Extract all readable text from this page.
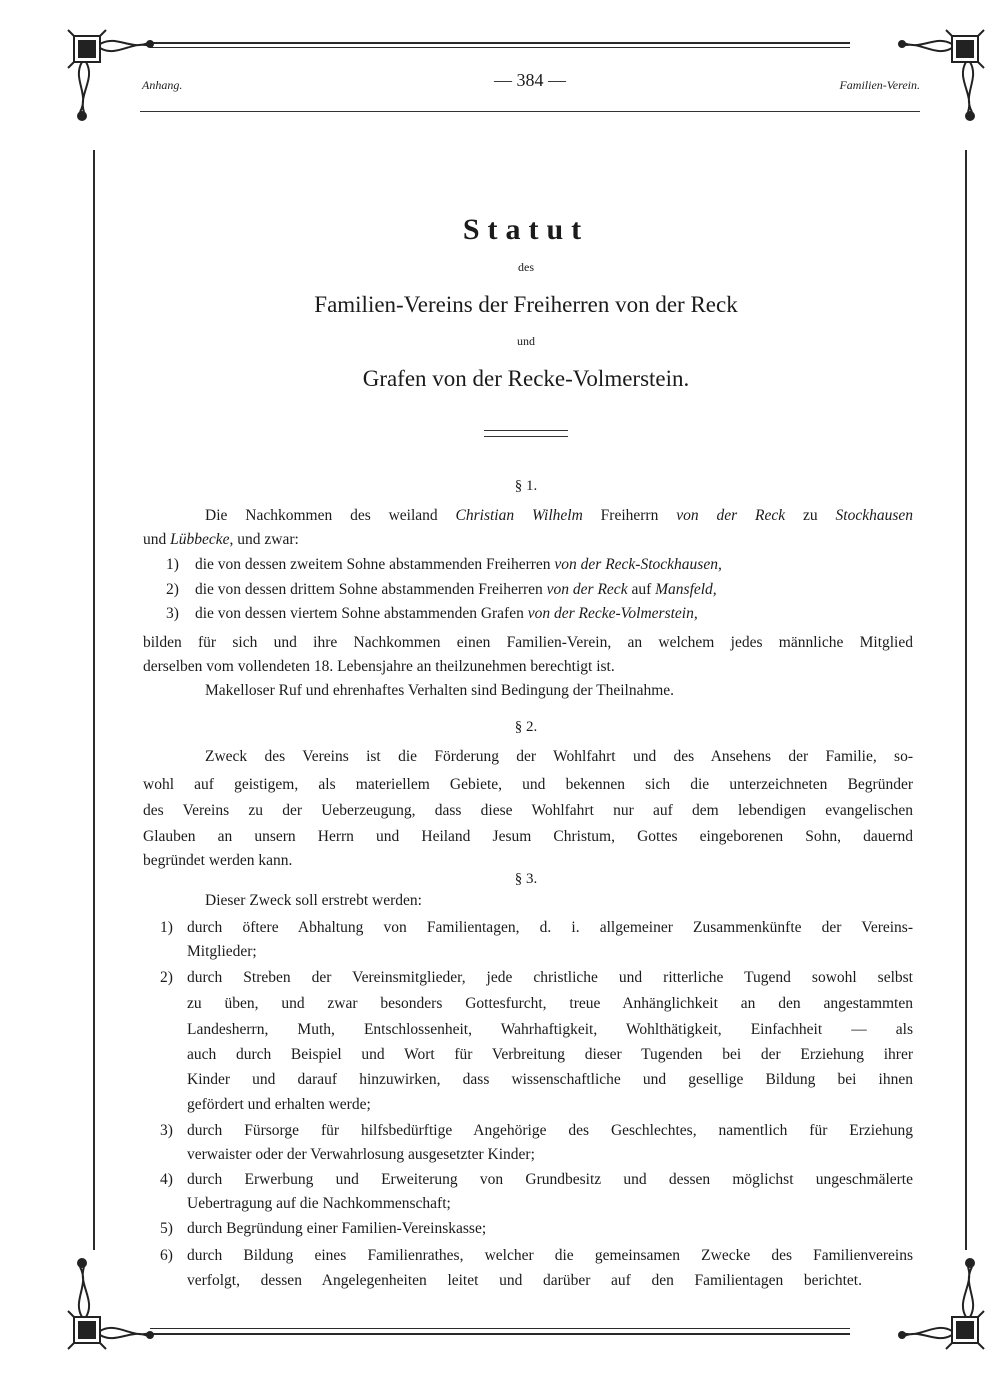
Anhang.	— 384 —	Familien-Verein.
Statut
des
Familien-Vereins der Freiherren von der Reck
und
Grafen von der Recke-Volmerstein.
§ 1.
Die Nachkommen des weiland Christian Wilhelm Freiherrn von der Reck zu Stockhausen
und Lübbecke, und zwar:
1) die von dessen zweitem Sohne abstammenden Freiherren von der Reck-Stockhausen,
2) die von dessen drittem Sohne abstammenden Freiherren von der Reck auf Mansfeld,
3) die von dessen viertem Sohne abstammenden Grafen von der Recke-Volmerstein,
bilden für sich und ihre Nachkommen einen Familien-Verein, an welchem jedes männliche Mitglied
derselben vom vollendeten 18. Lebensjahre an theilzunehmen berechtigt ist.
Makelloser Ruf und ehrenhaftes Verhalten sind Bedingung der Theilnahme.
§ 2.
Zweck des Vereins ist die Förderung der Wohlfahrt und des Ansehens der Familie, so-
wohl auf geistigem, als materiellem Gebiete, und bekennen sich die unterzeichneten Begründer
des Vereins zu der Ueberzeugung, dass diese Wohlfahrt nur auf dem lebendigen evangelischen
Glauben an unsern Herrn und Heiland Jesum Christum, Gottes eingeborenen Sohn, dauernd
begründet werden kann.
§ 3.
Dieser Zweck soll erstrebt werden:
1) durch öftere Abhaltung von Familientagen, d. i. allgemeiner Zusammenkünfte der Vereins-
Mitglieder;
2) durch Streben der Vereinsmitglieder, jede christliche und ritterliche Tugend sowohl selbst
zu üben, und zwar besonders Gottesfurcht, treue Anhänglichkeit an den angestammten
Landesherrn, Muth, Entschlossenheit, Wahrhaftigkeit, Wohlthätigkeit, Einfachheit — als
auch durch Beispiel und Wort für Verbreitung dieser Tugenden bei der Erziehung ihrer
Kinder und darauf hinzuwirken, dass wissenschaftliche und gesellige Bildung bei ihnen
gefördert und erhalten werde;
3) durch Fürsorge für hilfsbedürftige Angehörige des Geschlechtes, namentlich für Erziehung
verwaister oder der Verwahrlosung ausgesetzter Kinder;
4) durch Erwerbung und Erweiterung von Grundbesitz und dessen möglichst ungeschmälerte
Uebertragung auf die Nachkommenschaft;
5) durch Begründung einer Familien-Vereinskasse;
6) durch Bildung eines Familienrathes, welcher die gemeinsamen Zwecke des Familienvereins
verfolgt, dessen Angelegenheiten leitet und darüber auf den Familientagen berichtet.
